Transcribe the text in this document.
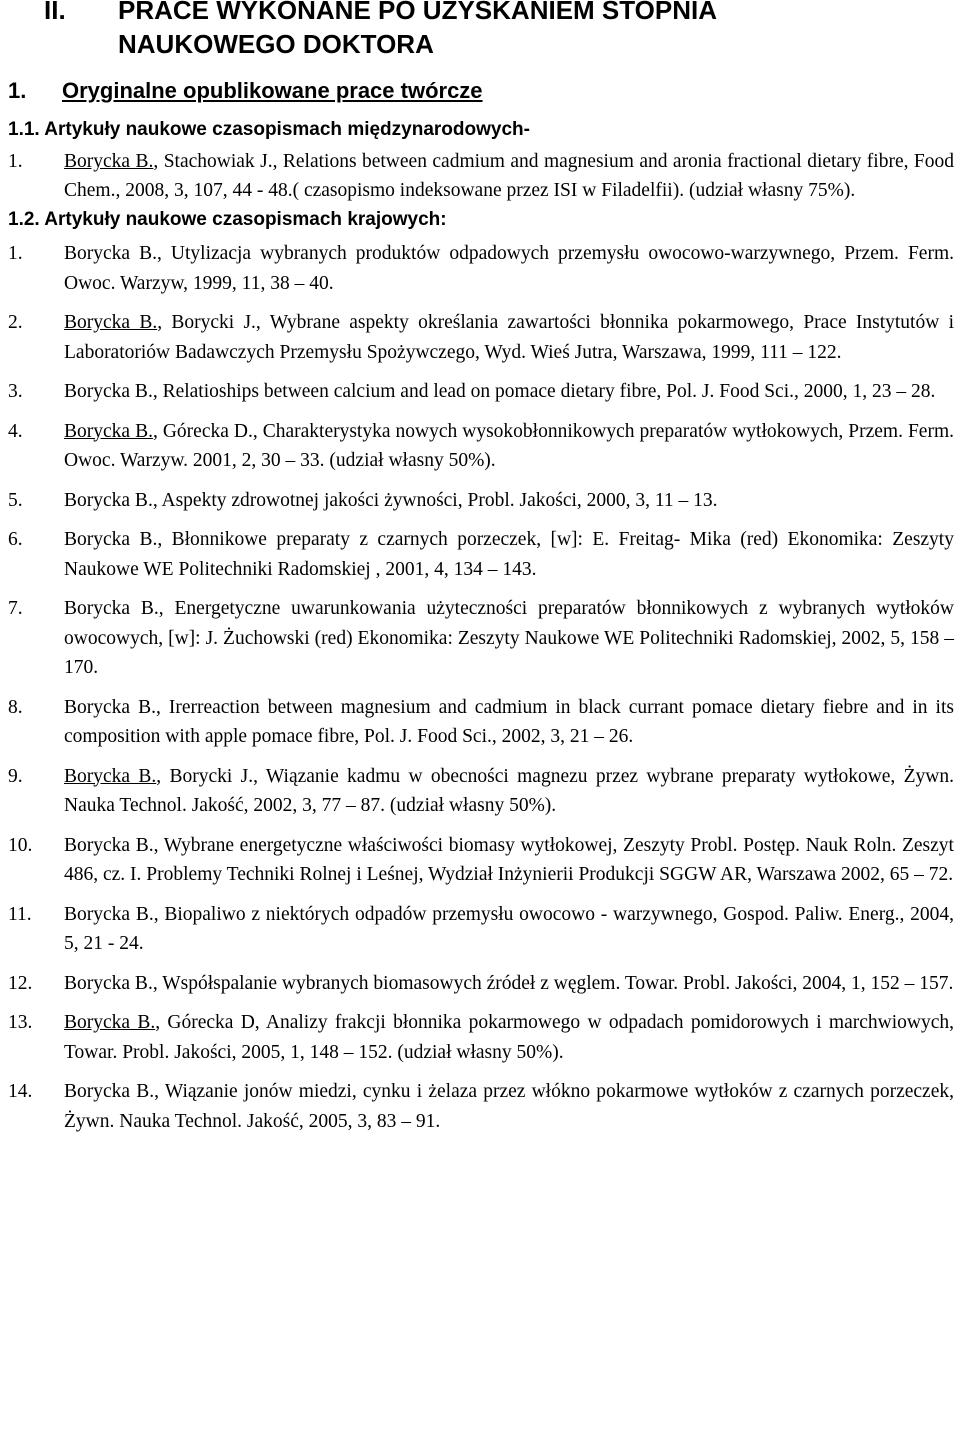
II. PRACE WYKONANE PO UZYSKANIEM STOPNIA
NAUKOWEGO DOKTORA
1. Oryginalne opublikowane prace twórcze
1.1. Artykuły naukowe czasopismach międzynarodowych-
1. Borycka B., Stachowiak J., Relations between cadmium and magnesium and aronia fractional dietary fibre, Food Chem., 2008, 3, 107, 44 - 48.( czasopismo indeksowane przez ISI w Filadelfii). (udział własny 75%).
1.2. Artykuły naukowe czasopismach krajowych:
1. Borycka B., Utylizacja wybranych produktów odpadowych przemysłu owocowo-warzywnego, Przem. Ferm. Owoc. Warzyw, 1999, 11, 38 – 40.
2. Borycka B., Borycki J., Wybrane aspekty określania zawartości błonnika pokarmowego, Prace Instytutów i Laboratoriów Badawczych Przemysłu Spożywczego, Wyd. Wieś Jutra, Warszawa, 1999, 111 – 122.
3. Borycka B., Relatioships between calcium and lead on pomace dietary fibre, Pol. J. Food Sci., 2000, 1, 23 – 28.
4. Borycka B., Górecka D., Charakterystyka nowych wysokobłonnikowych preparatów wytłokowych, Przem. Ferm. Owoc. Warzyw. 2001, 2, 30 – 33. (udział własny 50%).
5. Borycka B., Aspekty zdrowotnej jakości żywności, Probl. Jakości, 2000, 3, 11 – 13.
6. Borycka B., Błonnikowe preparaty z czarnych porzeczek, [w]: E. Freitag- Mika (red) Ekonomika: Zeszyty Naukowe WE Politechniki Radomskiej , 2001, 4, 134 – 143.
7. Borycka B., Energetyczne uwarunkowania użyteczności preparatów błonnikowych z wybranych wytłoków owocowych, [w]: J. Żuchowski (red) Ekonomika: Zeszyty Naukowe WE Politechniki Radomskiej, 2002, 5, 158 – 170.
8. Borycka B., Irerreaction between magnesium and cadmium in black currant pomace dietary fiebre and in its composition with apple pomace fibre, Pol. J. Food Sci., 2002, 3, 21 – 26.
9. Borycka B., Borycki J., Wiązanie kadmu w obecności magnezu przez wybrane preparaty wytłokowe, Żywn. Nauka Technol. Jakość, 2002, 3, 77 – 87. (udział własny 50%).
10. Borycka B., Wybrane energetyczne właściwości biomasy wytłokowej, Zeszyty Probl. Postęp. Nauk Roln. Zeszyt 486, cz. I. Problemy Techniki Rolnej i Leśnej, Wydział Inżynierii Produkcji SGGW AR, Warszawa 2002, 65 – 72.
11. Borycka B., Biopaliwo z niektórych odpadów przemysłu owocowo - warzywnego, Gospod. Paliw. Energ., 2004, 5, 21 - 24.
12. Borycka B., Współspalanie wybranych biomasowych źródeł z węglem. Towar. Probl. Jakości, 2004, 1, 152 – 157.
13. Borycka B., Górecka D, Analizy frakcji błonnika pokarmowego w odpadach pomidorowych i marchwiowych, Towar. Probl. Jakości, 2005, 1, 148 – 152. (udział własny 50%).
14. Borycka B., Wiązanie jonów miedzi, cynku i żelaza przez włókno pokarmowe wytłoków z czarnych porzeczek, Żywn. Nauka Technol. Jakość, 2005, 3, 83 – 91.
